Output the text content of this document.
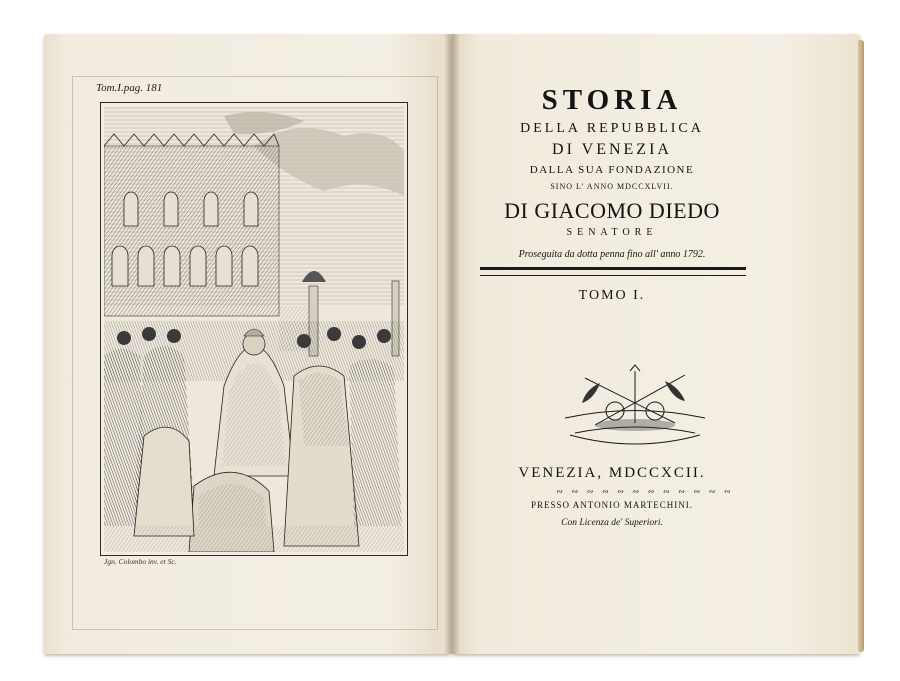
Tom.I.pag. 181
Jgn. Colombo inv. et Sc.
STORIA
DELLA REPUBBLICA
DI VENEZIA
DALLA SUA FONDAZIONE
SINO L' ANNO MDCCXLVII.
DI GIACOMO DIEDO
SENATORE
Proseguita da dotta penna fino all' anno 1792.
TOMO I.
VENEZIA, MDCCXCII.
∾ ∾ ∾ ∾ ∾ ∾ ∾ ∾ ∾ ∾ ∾ ∾
PRESSO ANTONIO MARTECHINI.
Con Licenza de' Superiori.
